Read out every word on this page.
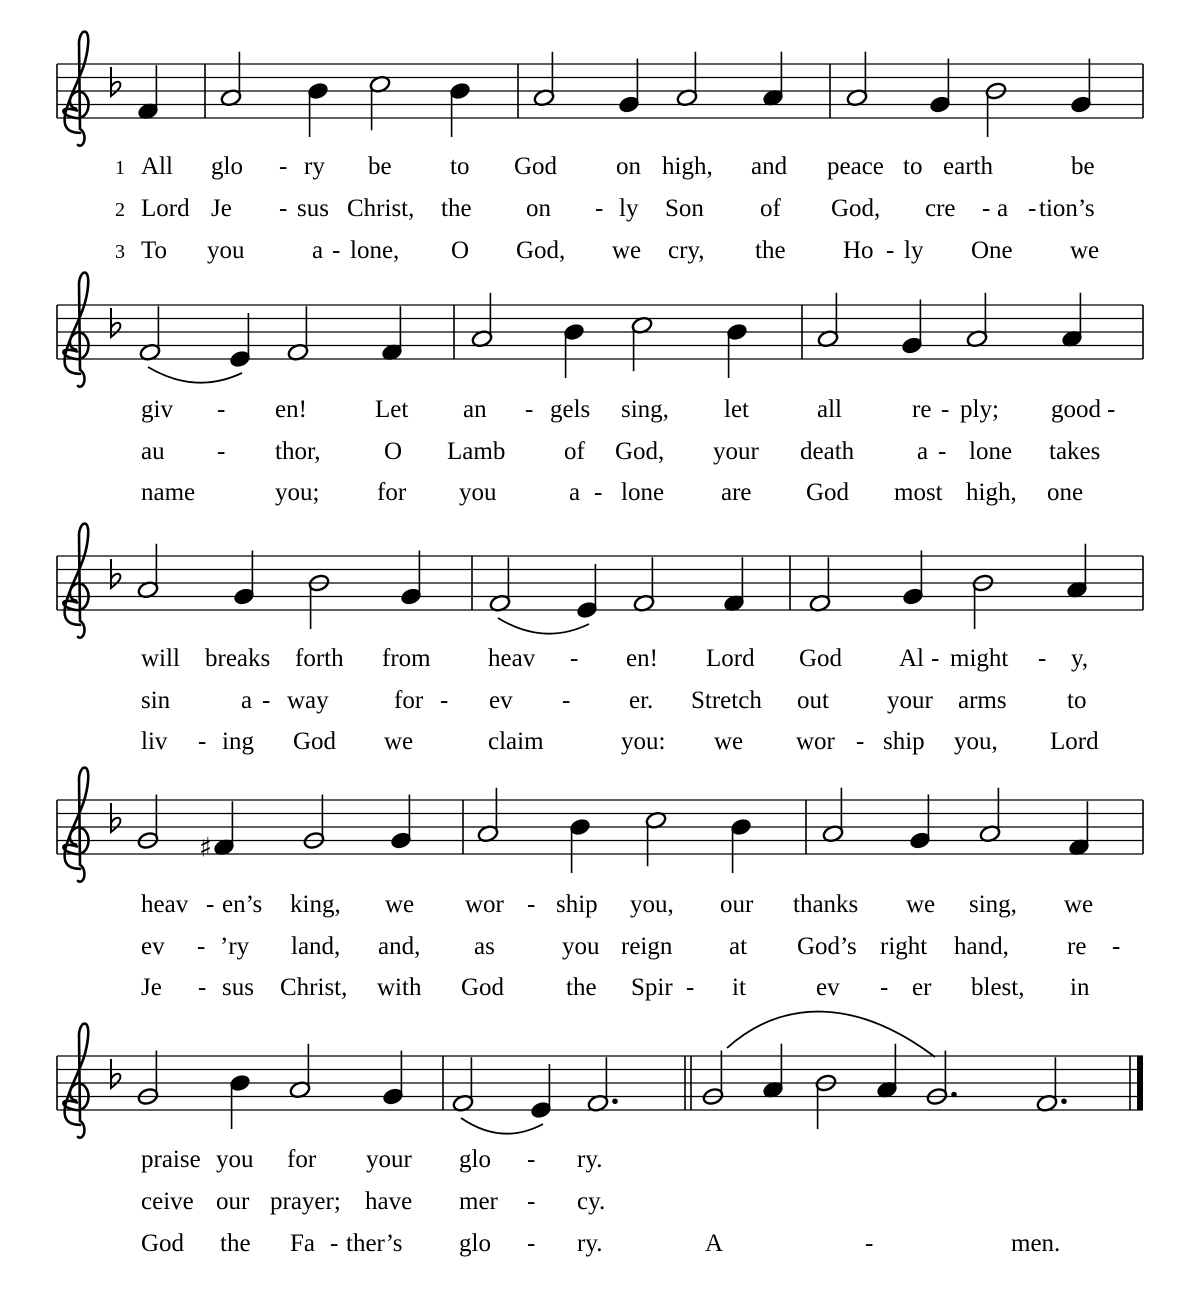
♯
1 All glo - ry be to God on high, and peace to earth	be
2 Lord Je - sus Christ, the on - ly Son of God, cre - a - tion’s
3 To you	a - lone, O God, we cry, the Ho - ly One we
giv - en!	Let an - gels sing, let	all	re - ply; good -
au - thor,	O Lamb of God, your death	a - lone takes
name	you; for you	a - lone are God most high, one
will breaks forth from heav - en! Lord God Al - might - y,
sin	a - way	for - ev - er. Stretch out your arms to
liv - ing God we	claim	you: we wor - ship you, Lord
heav - en’s king, we wor - ship you, our thanks we sing, we
ev - ’ry land, and, as	you reign at God’s right hand, re -
Je - sus Christ, with God the Spir - it	ev - er blest, in
praise you for your glo - ry.
ceive our prayer; have mer - cy.
God the Fa - ther’s glo - ry.	A	-	men.
